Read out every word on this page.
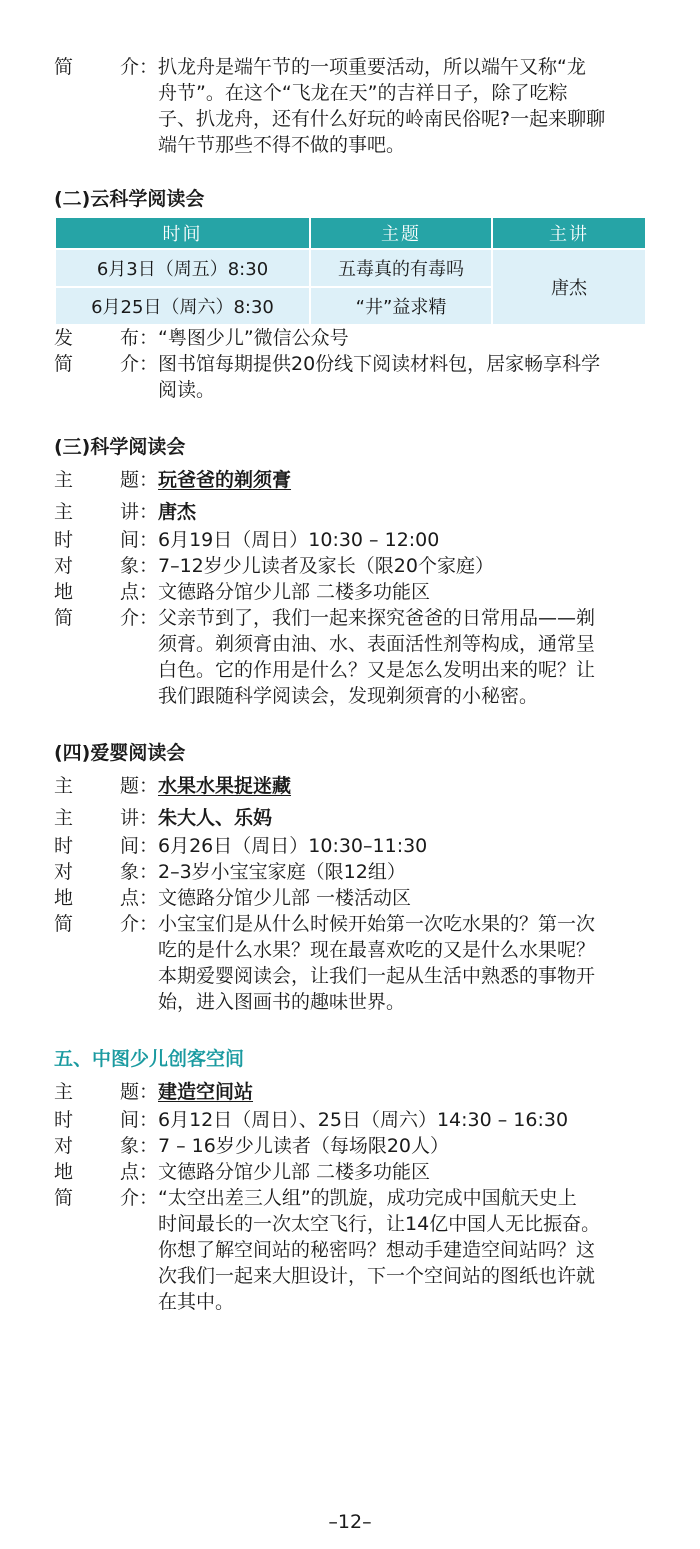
简 介： 扒龙舟是端午节的一项重要活动，所以端午又称“龙
舟节”。在这个“飞龙在天”的吉祥日子，除了吃粽
子、扒龙舟，还有什么好玩的岭南民俗呢?一起来聊聊
端午节那些不得不做的事吧。
(二)云科学阅读会
时间	主题	主讲
6月3日（周五）8:30	五毒真的有毒吗	唐杰
6月25日（周六）8:30	“井”益求精	
发 布： “粤图少儿”微信公众号
简 介： 图书馆每期提供20份线下阅读材料包，居家畅享科学
阅读。
(三)科学阅读会
主 题： 玩爸爸的剃须膏
主 讲： 唐杰
时 间： 6月19日（周日）10:30 – 12:00
对 象： 7–12岁少儿读者及家长（限20个家庭）
地 点： 文德路分馆少儿部 二楼多功能区
简 介： 父亲节到了，我们一起来探究爸爸的日常用品——剃
须膏。剃须膏由油、水、表面活性剂等构成，通常呈
白色。它的作用是什么？又是怎么发明出来的呢？让
我们跟随科学阅读会，发现剃须膏的小秘密。
(四)爱婴阅读会
主 题： 水果水果捉迷藏
主 讲： 朱大人、乐妈
时 间： 6月26日（周日）10:30–11:30
对 象： 2–3岁小宝宝家庭（限12组）
地 点： 文德路分馆少儿部 一楼活动区
简 介： 小宝宝们是从什么时候开始第一次吃水果的？第一次
吃的是什么水果？现在最喜欢吃的又是什么水果呢？
本期爱婴阅读会，让我们一起从生活中熟悉的事物开
始，进入图画书的趣味世界。
五、中图少儿创客空间
主 题： 建造空间站
时 间： 6月12日（周日）、25日（周六）14:30 – 16:30
对 象： 7 – 16岁少儿读者（每场限20人）
地 点： 文德路分馆少儿部 二楼多功能区
简 介： “太空出差三人组”的凯旋，成功完成中国航天史上
时间最长的一次太空飞行，让14亿中国人无比振奋。
你想了解空间站的秘密吗？想动手建造空间站吗？这
次我们一起来大胆设计，下一个空间站的图纸也许就
在其中。
–12–
